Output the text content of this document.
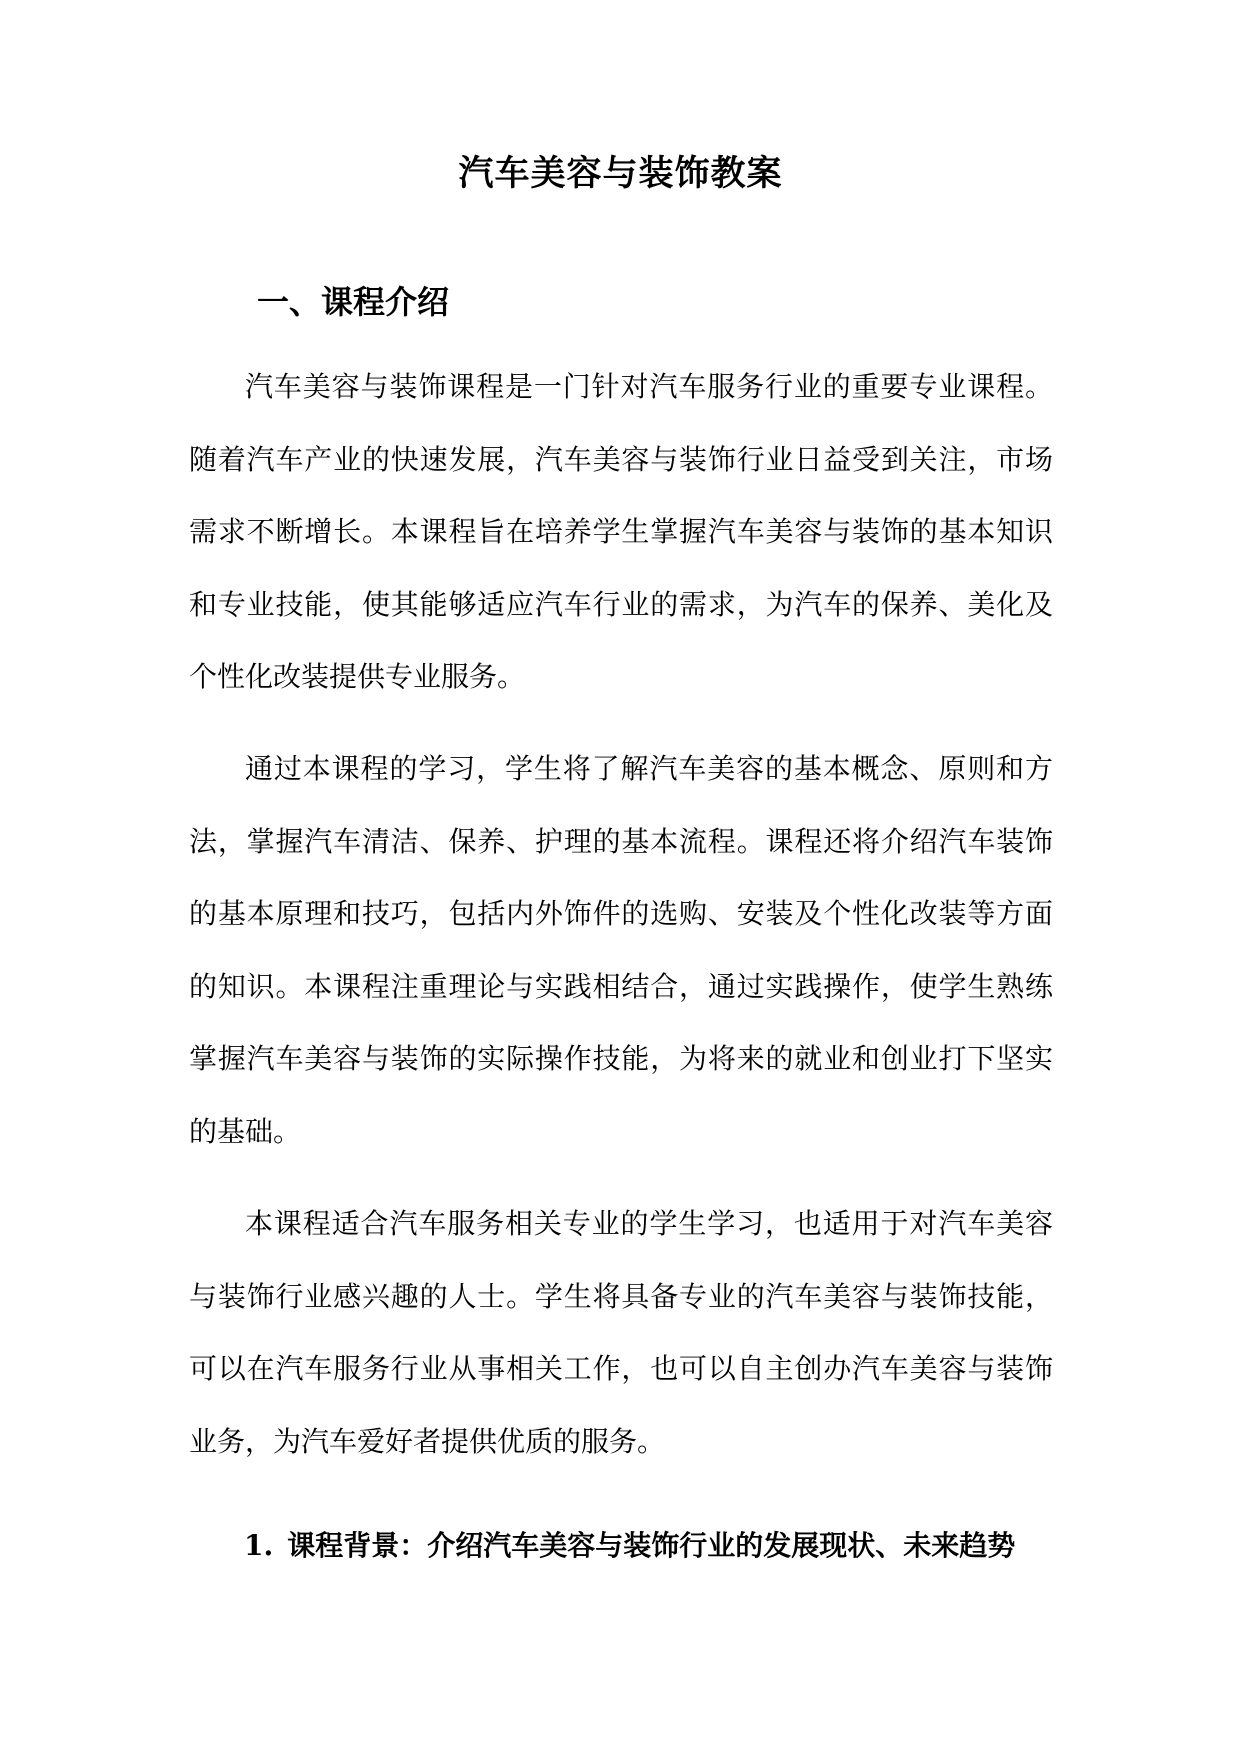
汽车美容与装饰教案
一、课程介绍

汽车美容与装饰课程是一门针对汽车服务行业的重要专业课程。随着汽车产业的快速发展，汽车美容与装饰行业日益受到关注，市场需求不断增长。本课程旨在培养学生掌握汽车美容与装饰的基本知识和专业技能，使其能够适应汽车行业的需求，为汽车的保养、美化及个性化改装提供专业服务。

通过本课程的学习，学生将了解汽车美容的基本概念、原则和方法，掌握汽车清洁、保养、护理的基本流程。课程还将介绍汽车装饰的基本原理和技巧，包括内外饰件的选购、安装及个性化改装等方面的知识。本课程注重理论与实践相结合，通过实践操作，使学生熟练掌握汽车美容与装饰的实际操作技能，为将来的就业和创业打下坚实的基础。

本课程适合汽车服务相关专业的学生学习，也适用于对汽车美容与装饰行业感兴趣的人士。学生将具备专业的汽车美容与装饰技能，可以在汽车服务行业从事相关工作，也可以自主创办汽车美容与装饰业务，为汽车爱好者提供优质的服务。

1. 课程背景：介绍汽车美容与装饰行业的发展现状、未来趋势
